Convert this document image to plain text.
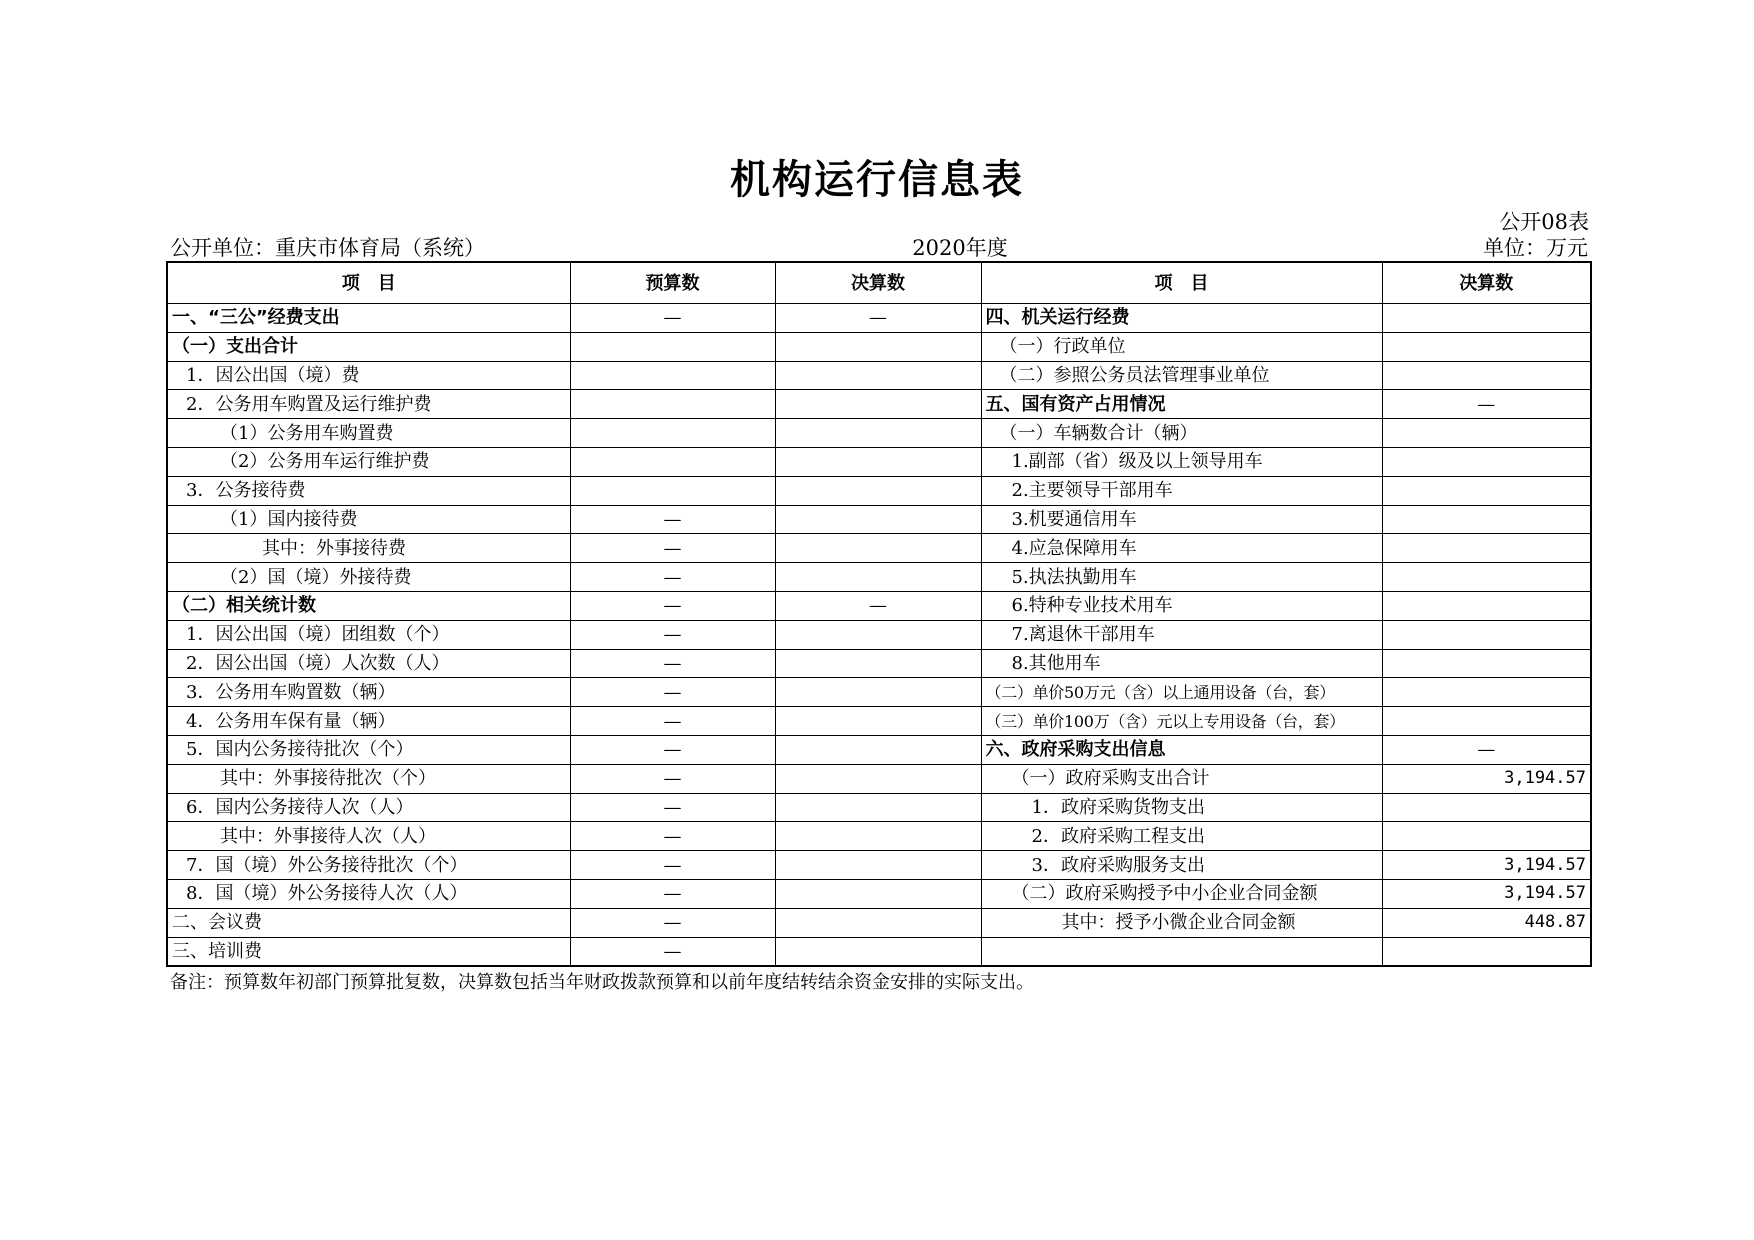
机构运行信息表
公开08表
公开单位：重庆市体育局（系统）	2020年度	单位：万元
项　目	预算数	决算数	项　目	决算数
一、“三公”经费支出	—	—	四、机关运行经费	
（一）支出合计			（一）行政单位	
1．因公出国（境）费			（二）参照公务员法管理事业单位	
2．公务用车购置及运行维护费			五、国有资产占用情况	—
（1）公务用车购置费			（一）车辆数合计（辆）	
（2）公务用车运行维护费			1.副部（省）级及以上领导用车	
3．公务接待费			2.主要领导干部用车	
（1）国内接待费	—		3.机要通信用车	
其中：外事接待费	—		4.应急保障用车	
（2）国（境）外接待费	—		5.执法执勤用车	
（二）相关统计数	—	—	6.特种专业技术用车	
1．因公出国（境）团组数（个）	—		7.离退休干部用车	
2．因公出国（境）人次数（人）	—		8.其他用车	
3．公务用车购置数（辆）	—		（二）单价50万元（含）以上通用设备（台，套）	
4．公务用车保有量（辆）	—		（三）单价100万（含）元以上专用设备（台，套）	
5．国内公务接待批次（个）	—		六、政府采购支出信息	—
其中：外事接待批次（个）	—		（一）政府采购支出合计	3,194.57
6．国内公务接待人次（人）	—		1．政府采购货物支出	
其中：外事接待人次（人）	—		2．政府采购工程支出	
7．国（境）外公务接待批次（个）	—		3．政府采购服务支出	3,194.57
8．国（境）外公务接待人次（人）	—		（二）政府采购授予中小企业合同金额	3,194.57
二、会议费	—		其中：授予小微企业合同金额	448.87
三、培训费	—			
备注：预算数年初部门预算批复数，决算数包括当年财政拨款预算和以前年度结转结余资金安排的实际支出。
